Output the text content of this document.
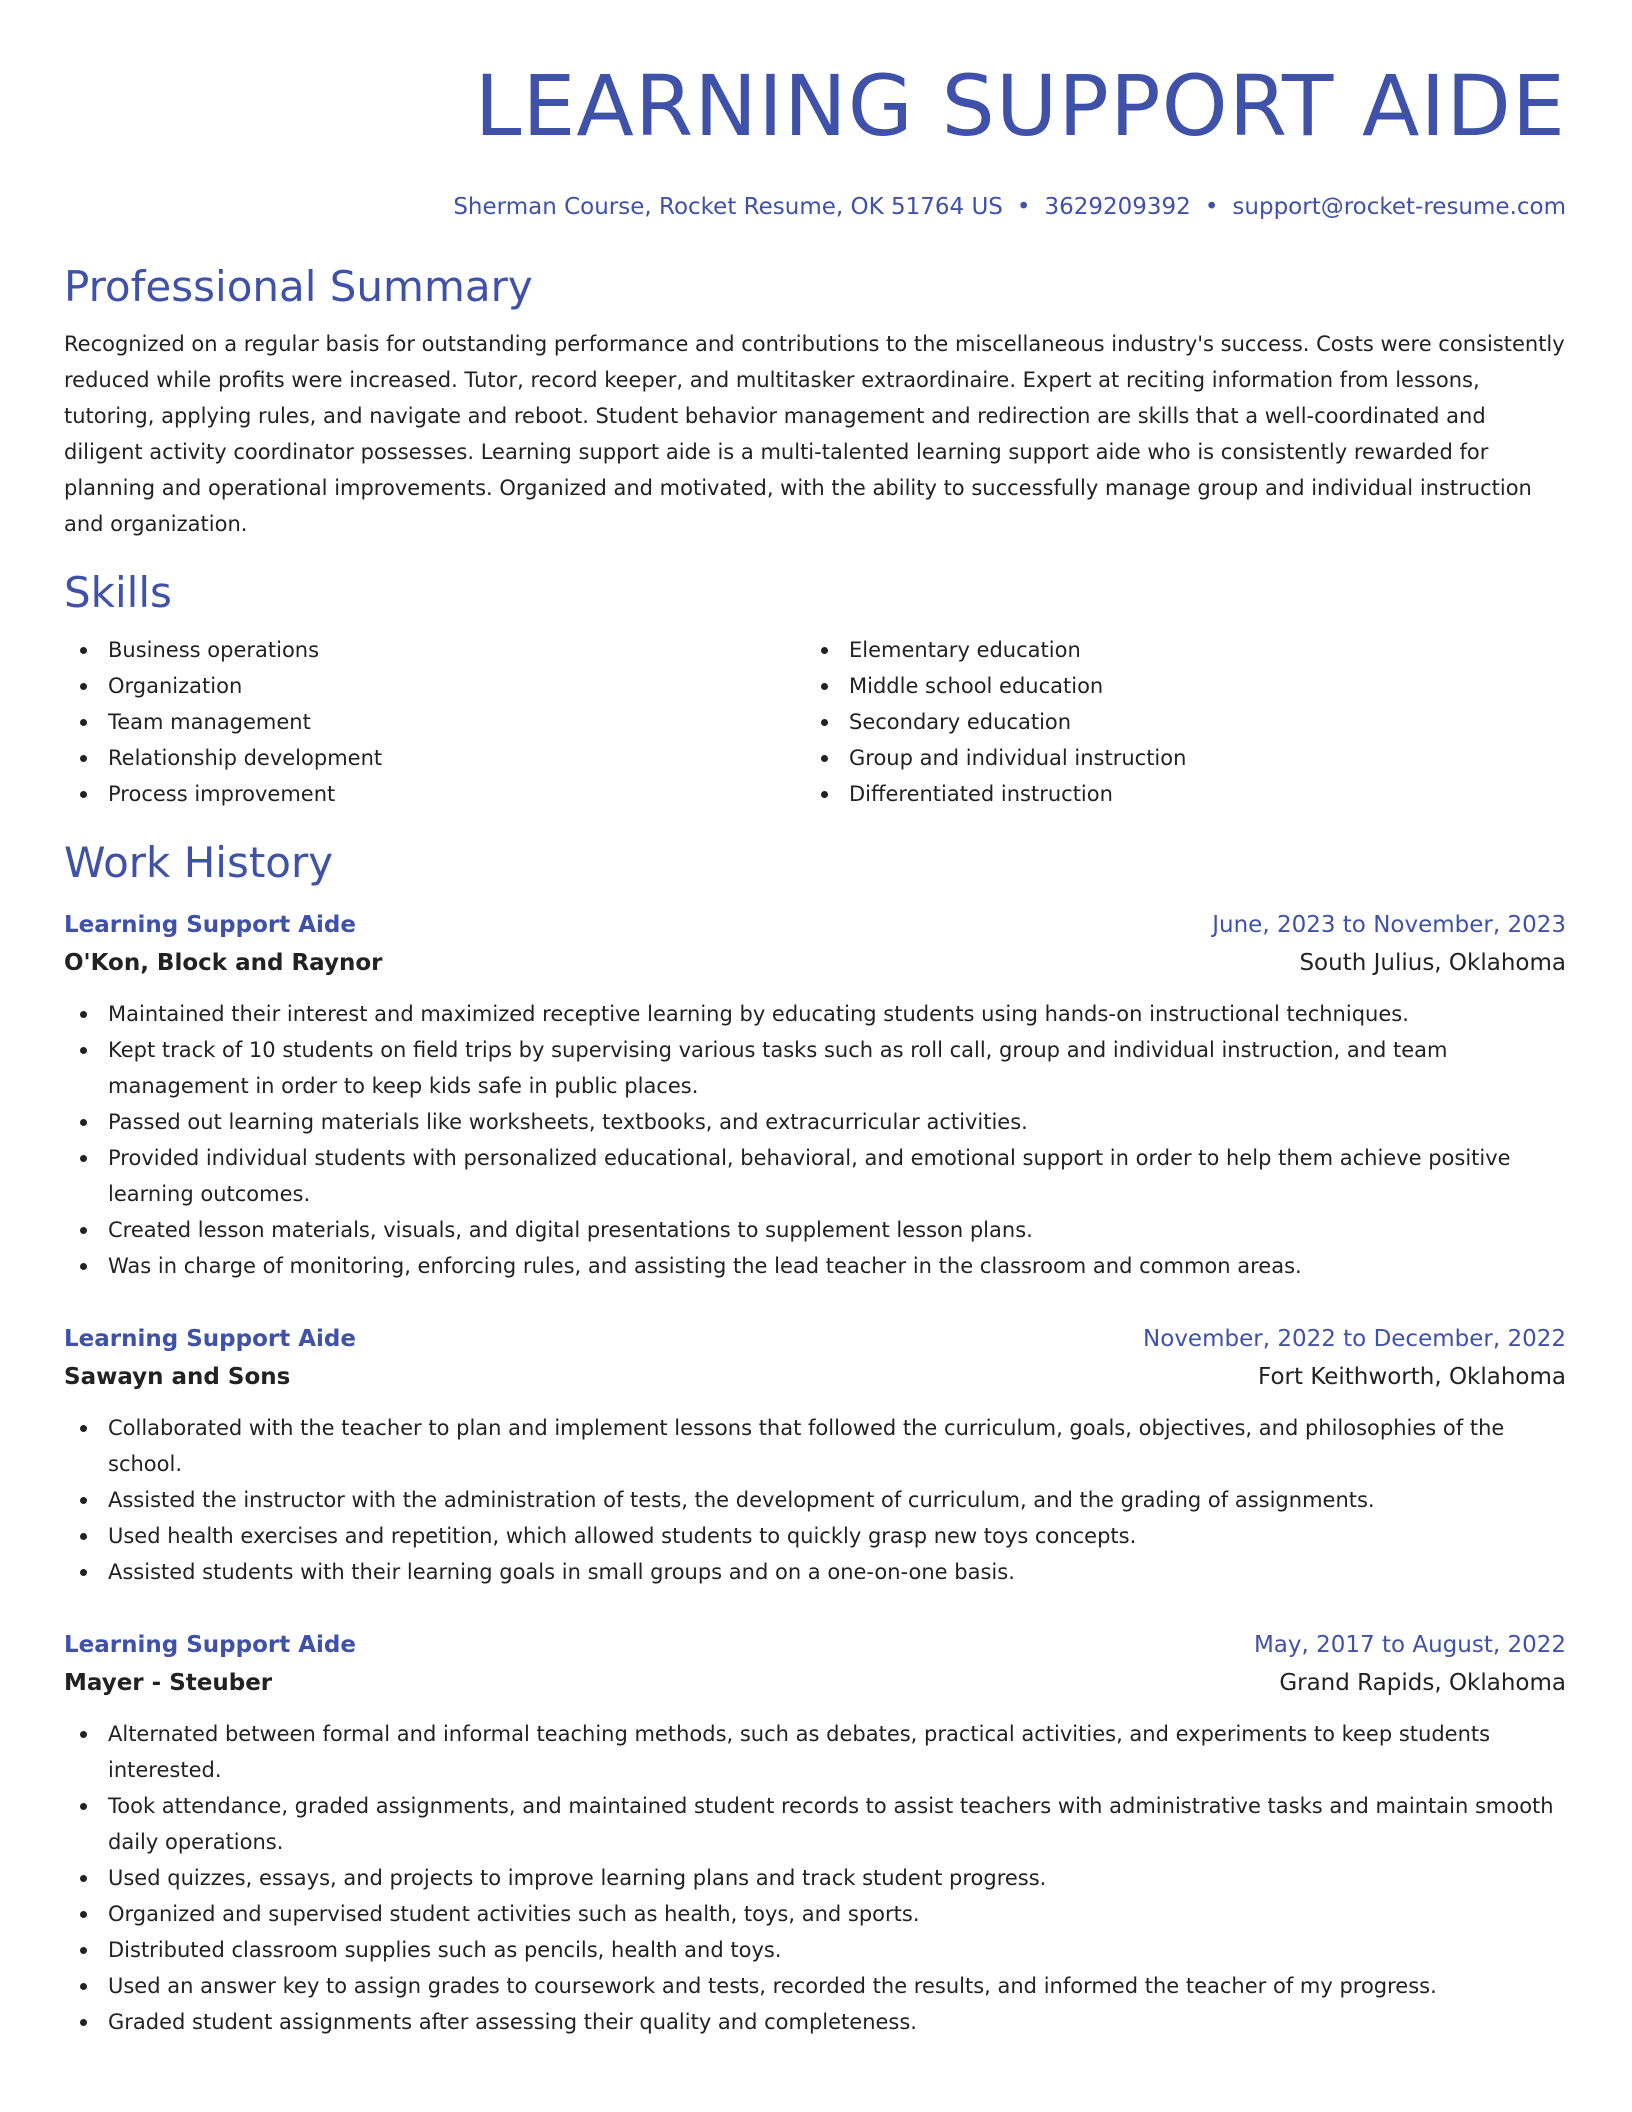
LEARNING SUPPORT AIDE
Sherman Course, Rocket Resume, OK 51764 US • 3629209392 • support@rocket-resume.com
Professional Summary

Recognized on a regular basis for outstanding performance and contributions to the miscellaneous industry's success. Costs were consistently reduced while profits were increased. Tutor, record keeper, and multitasker extraordinaire. Expert at reciting information from lessons, tutoring, applying rules, and navigate and reboot. Student behavior management and redirection are skills that a well-coordinated and diligent activity coordinator possesses. Learning support aide is a multi-talented learning support aide who is consistently rewarded for planning and operational improvements. Organized and motivated, with the ability to successfully manage group and individual instruction and organization.

Skills
Business operations
Organization
Team management
Relationship development
Process improvement
Elementary education
Middle school education
Secondary education
Group and individual instruction
Differentiated instruction
Work History
Learning Support Aide	June, 2023 to November, 2023
O'Kon, Block and Raynor	South Julius, Oklahoma
Maintained their interest and maximized receptive learning by educating students using hands-on instructional techniques.
Kept track of 10 students on field trips by supervising various tasks such as roll call, group and individual instruction, and team management in order to keep kids safe in public places.
Passed out learning materials like worksheets, textbooks, and extracurricular activities.
Provided individual students with personalized educational, behavioral, and emotional support in order to help them achieve positive learning outcomes.
Created lesson materials, visuals, and digital presentations to supplement lesson plans.
Was in charge of monitoring, enforcing rules, and assisting the lead teacher in the classroom and common areas.
Learning Support Aide	November, 2022 to December, 2022
Sawayn and Sons	Fort Keithworth, Oklahoma
Collaborated with the teacher to plan and implement lessons that followed the curriculum, goals, objectives, and philosophies of the school.
Assisted the instructor with the administration of tests, the development of curriculum, and the grading of assignments.
Used health exercises and repetition, which allowed students to quickly grasp new toys concepts.
Assisted students with their learning goals in small groups and on a one-on-one basis.
Learning Support Aide	May, 2017 to August, 2022
Mayer - Steuber	Grand Rapids, Oklahoma
Alternated between formal and informal teaching methods, such as debates, practical activities, and experiments to keep students interested.
Took attendance, graded assignments, and maintained student records to assist teachers with administrative tasks and maintain smooth daily operations.
Used quizzes, essays, and projects to improve learning plans and track student progress.
Organized and supervised student activities such as health, toys, and sports.
Distributed classroom supplies such as pencils, health and toys.
Used an answer key to assign grades to coursework and tests, recorded the results, and informed the teacher of my progress.
Graded student assignments after assessing their quality and completeness.
